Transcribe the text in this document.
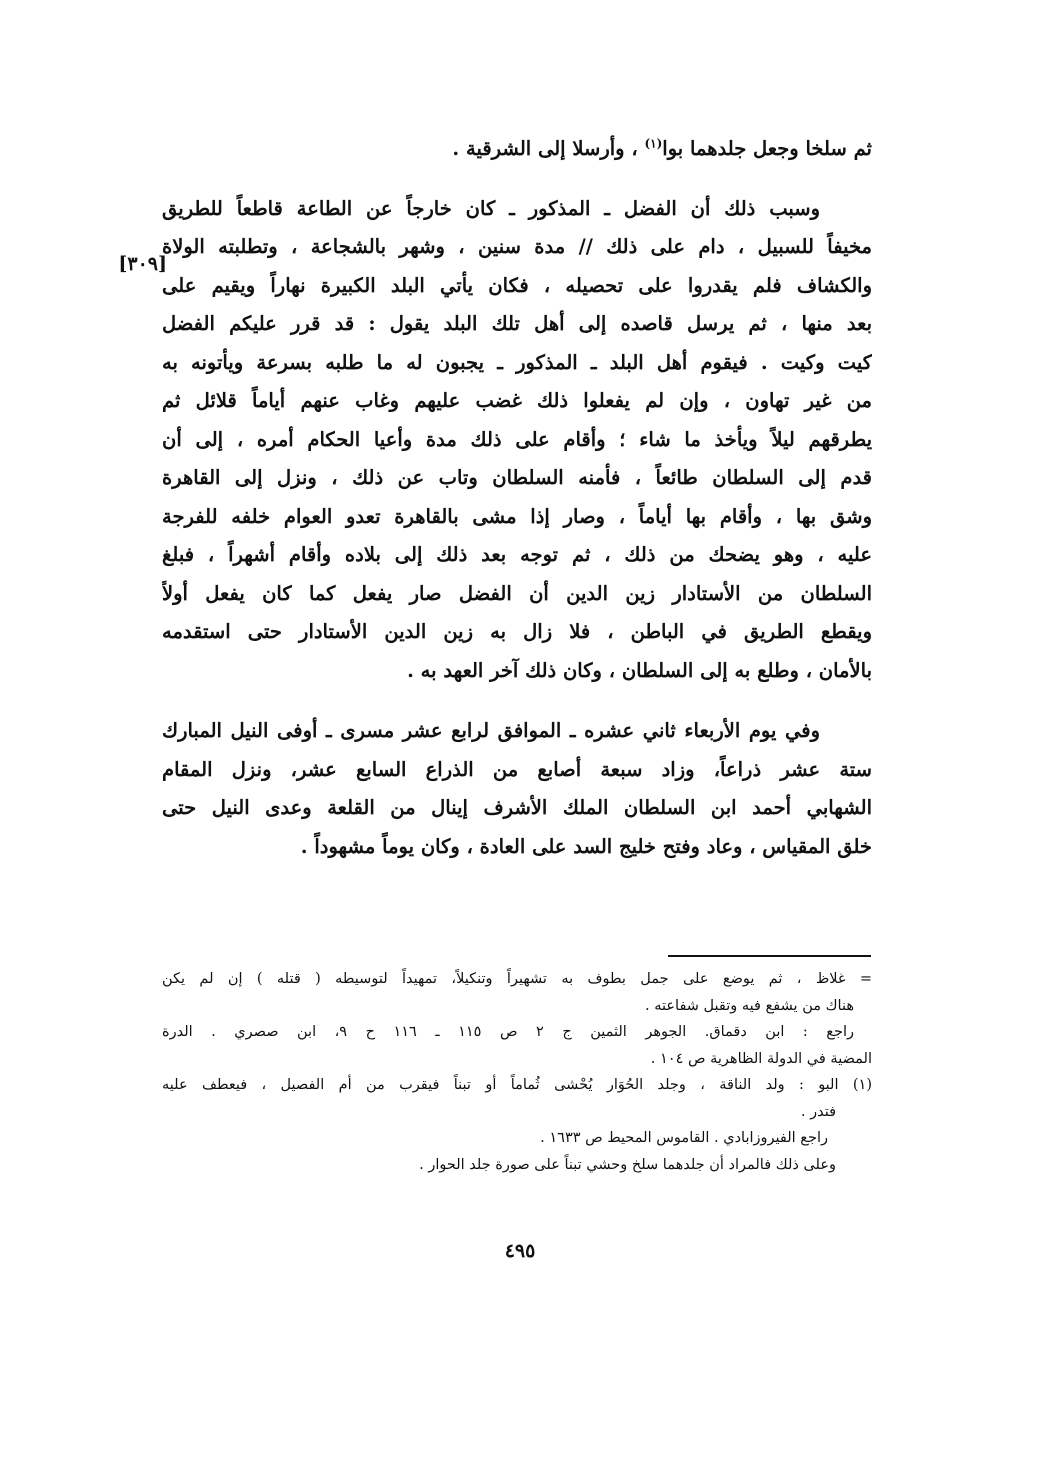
ثم سلخا وجعل جلدهما بوا$^{(١)}$ ، وأرسلا إلى الشرقية .
وسبب ذلك أن الفضل ـ المذكور ـ كان خارجاً عن الطاعة قاطعاً للطريق
مخيفاً للسبيل ، دام على ذلك // مدة سنين ، وشهر بالشجاعة ، وتطلبته الولاة
والكشاف فلم يقدروا على تحصيله ، فكان يأتي البلد الكبيرة نهاراً ويقيم على
بعد منها ، ثم يرسل قاصده إلى أهل تلك البلد يقول : قد قرر عليكم الفضل
كيت وكيت . فيقوم أهل البلد ـ المذكور ـ يجبون له ما طلبه بسرعة ويأتونه به
من غير تهاون ، وإن لم يفعلوا ذلك غضب عليهم وغاب عنهم أياماً قلائل ثم
يطرقهم ليلاً ويأخذ ما شاء ؛ وأقام على ذلك مدة وأعيا الحكام أمره ، إلى أن
قدم إلى السلطان طائعاً ، فأمنه السلطان وتاب عن ذلك ، ونزل إلى القاهرة
وشق بها ، وأقام بها أياماً ، وصار إذا مشى بالقاهرة تعدو العوام خلفه للفرجة
عليه ، وهو يضحك من ذلك ، ثم توجه بعد ذلك إلى بلاده وأقام أشهراً ، فبلغ
السلطان من الأستادار زين الدين أن الفضل صار يفعل كما كان يفعل أولاً
ويقطع الطريق في الباطن ، فلا زال به زين الدين الأستادار حتى استقدمه
بالأمان ، وطلع به إلى السلطان ، وكان ذلك آخر العهد به .
وفي يوم الأربعاء ثاني عشره ـ الموافق لرابع عشر مسرى ـ أوفى النيل المبارك
ستة عشر ذراعاً، وزاد سبعة أصابع من الذراع السابع عشر، ونزل المقام
الشهابي أحمد ابن السلطان الملك الأشرف إينال من القلعة وعدى النيل حتى
خلق المقياس ، وعاد وفتح خليج السد على العادة ، وكان يوماً مشهوداً .
[٣٠٩]
= غلاظ ، ثم يوضع على جمل بطوف به تشهيراً وتنكيلاً، تمهيداً لتوسيطه ( قتله ) إن لم يكن
هناك من يشفع فيه وتقبل شفاعته .
راجع : ابن دقماق. الجوهر الثمين ج ٢ ص ١١٥ ـ ١١٦ ح ٩، ابن صصري . الدرة
المضية في الدولة الظاهرية ص ١٠٤ .
(١) البو : ولد الناقة ، وجلد الحُوَار يُحْشى ثُماماً أو تبناً فيقرب من أم الفصيل ، فيعطف عليه
فتدر .
راجع الفيروزابادي . القاموس المحيط ص ١٦٣٣ .
وعلى ذلك فالمراد أن جلدهما سلخ وحشي تبناً على صورة جلد الحوار .
٤٩٥
